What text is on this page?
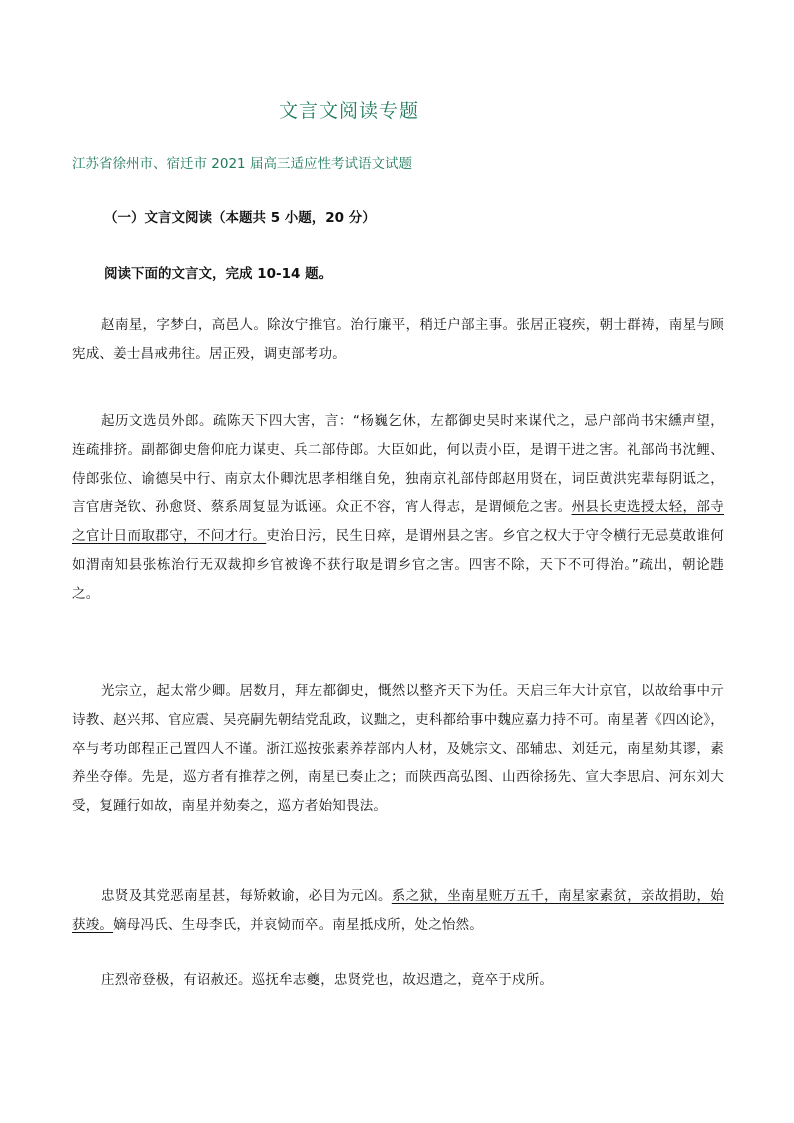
文言文阅读专题
江苏省徐州市、宿迁市 2021 届高三适应性考试语文试题
（一）文言文阅读（本题共 5 小题，20 分）
阅读下面的文言文，完成 10-14 题。

赵南星，字梦白，高邑人。除汝宁推官。治行廉平，稍迁户部主事。张居正寝疾，朝士群祷，南星与顾宪成、姜士昌戒弗往。居正殁，调吏部考功。

起历文选员外郎。疏陈天下四大害，言：“杨巍乞休，左都御史吴时来谋代之，忌户部尚书宋纁声望，连疏排挤。副都御史詹仰庇力谋吏、兵二部侍郎。大臣如此，何以责小臣，是谓干进之害。礼部尚书沈鲤、侍郎张位、谕德吴中行、南京太仆卿沈思孝相继自免，独南京礼部侍郎赵用贤在，词臣黄洪宪辈每阴诋之，言官唐尧钦、孙愈贤、蔡系周复显为诋诬。众正不容，宵人得志，是谓倾危之害。州县长吏选授太轻，部寺之官计日而取郡守，不问才行。吏治日污，民生日瘁，是谓州县之害。乡官之权大于守令横行无忌莫敢谁何如渭南知县张栋治行无双裁抑乡官被谗不获行取是谓乡官之害。四害不除，天下不可得治。”疏出，朝论韪之。

光宗立，起太常少卿。居数月，拜左都御史，慨然以整齐天下为任。天启三年大计京官，以故给事中亓诗教、赵兴邦、官应震、吴亮嗣先朝结党乱政，议黜之，吏科都给事中魏应嘉力持不可。南星著《四凶论》，卒与考功郎程正己置四人不谨。浙江巡按张素养荐部内人材，及姚宗文、邵辅忠、刘廷元，南星劾其谬，素养坐夺俸。先是，巡方者有推荐之例，南星已奏止之；而陕西高弘图、山西徐扬先、宣大李思启、河东刘大受，复踵行如故，南星并劾奏之，巡方者始知畏法。

忠贤及其党恶南星甚，每矫敕谕，必目为元凶。系之狱，坐南星赃万五千，南星家素贫，亲故捐助，始获竣。嫡母冯氏、生母李氏，并哀恸而卒。南星抵戍所，处之怡然。

庄烈帝登极，有诏赦还。巡抚牟志夔，忠贤党也，故迟遣之，竟卒于戍所。
